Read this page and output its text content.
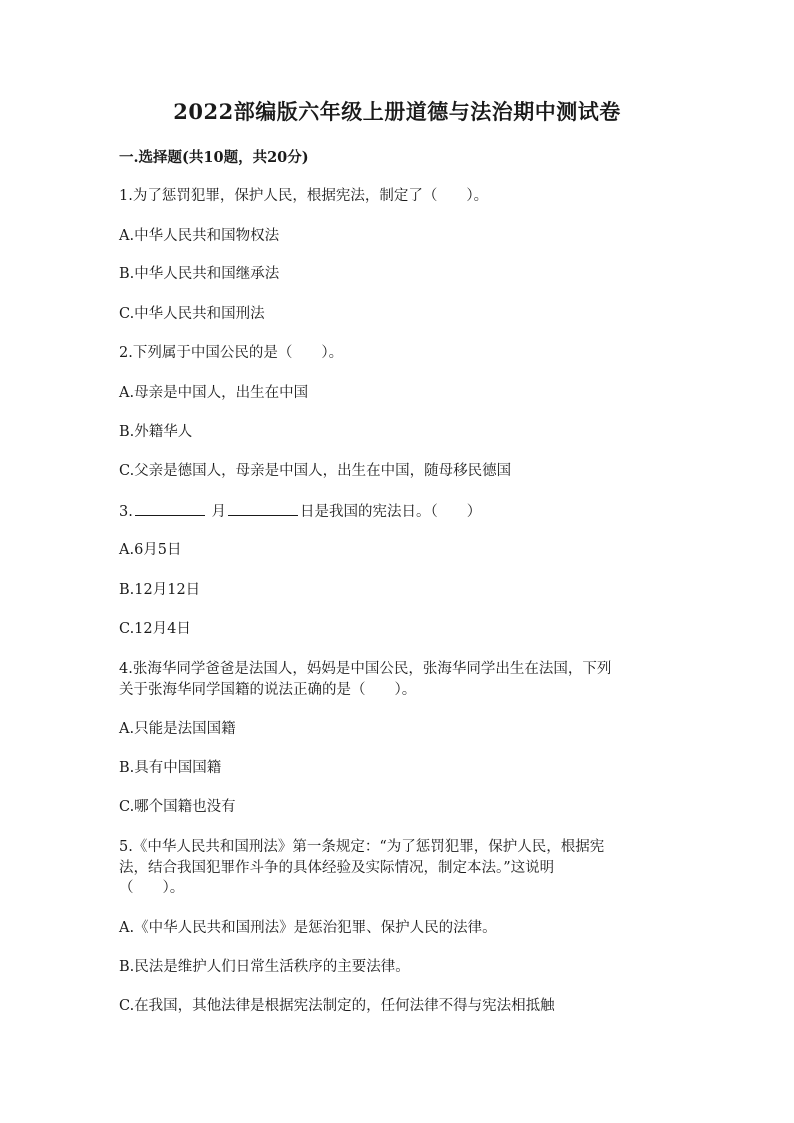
2022部编版六年级上册道德与法治期中测试卷
一.选择题(共10题，共20分)
1.为了惩罚犯罪，保护人民，根据宪法，制定了（　　）。
A.中华人民共和国物权法
B.中华人民共和国继承法
C.中华人民共和国刑法
2.下列属于中国公民的是（　　）。
A.母亲是中国人，出生在中国
B.外籍华人
C.父亲是德国人，母亲是中国人，出生在中国，随母移民德国
3.	月	日是我国的宪法日。（　　）
A.6月5日
B.12月12日
C.12月4日
4.张海华同学爸爸是法国人，妈妈是中国公民，张海华同学出生在法国，下列
关于张海华同学国籍的说法正确的是（　　）。
A.只能是法国国籍
B.具有中国国籍
C.哪个国籍也没有
5.《中华人民共和国刑法》第一条规定：“为了惩罚犯罪，保护人民，根据宪
法，结合我国犯罪作斗争的具体经验及实际情况，制定本法。”这说明
（　　）。
A.《中华人民共和国刑法》是惩治犯罪、保护人民的法律。
B.民法是维护人们日常生活秩序的主要法律。
C.在我国，其他法律是根据宪法制定的，任何法律不得与宪法相抵触
